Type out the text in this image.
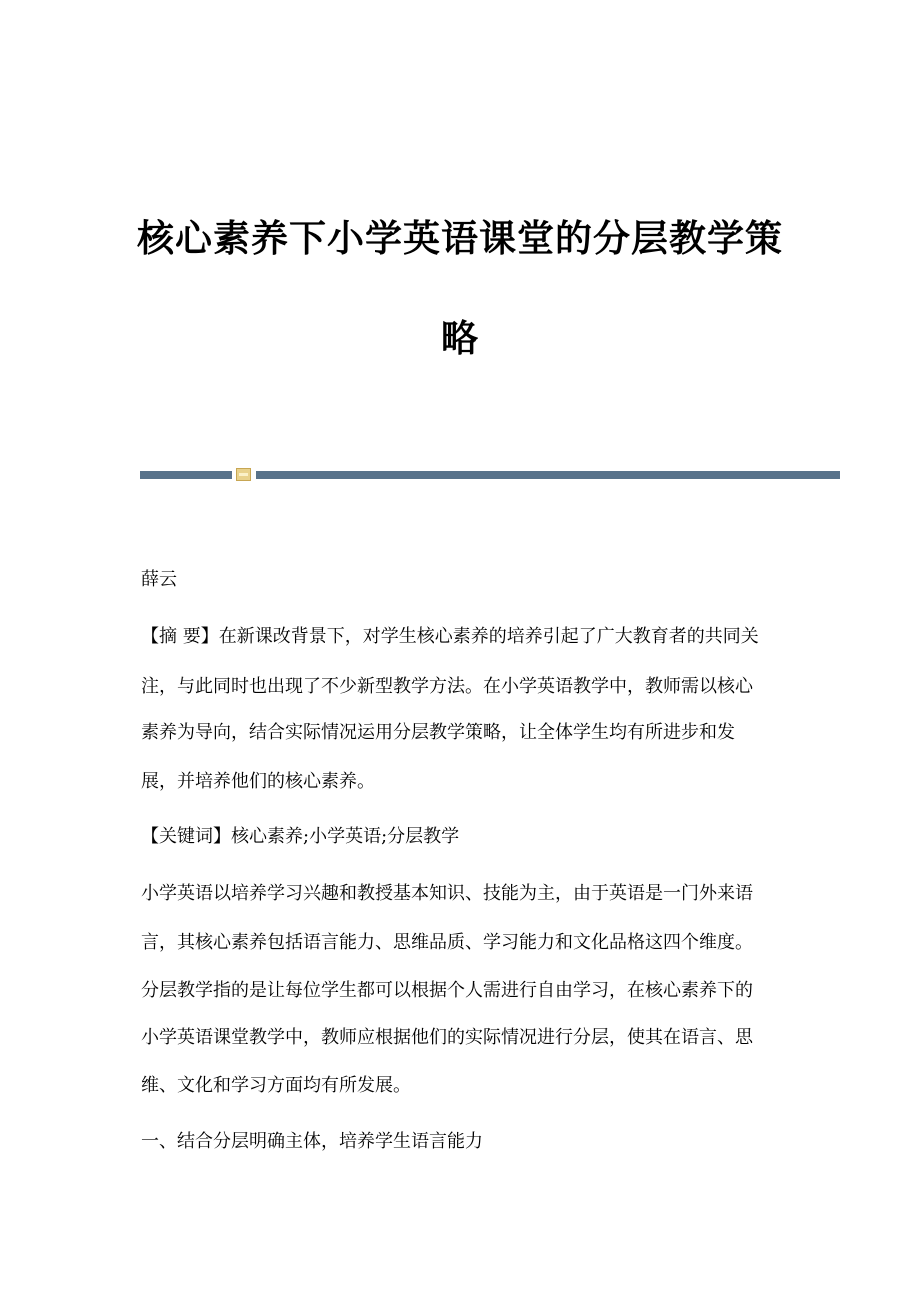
核心素养下小学英语课堂的分层教学策
略
薛云
【摘 要】在新课改背景下，对学生核心素养的培养引起了广大教育者的共同关
注，与此同时也出现了不少新型教学方法。在小学英语教学中，教师需以核心
素养为导向，结合实际情况运用分层教学策略，让全体学生均有所进步和发
展，并培养他们的核心素养。
【关键词】核心素养;小学英语;分层教学
小学英语以培养学习兴趣和教授基本知识、技能为主，由于英语是一门外来语
言，其核心素养包括语言能力、思维品质、学习能力和文化品格这四个维度。
分层教学指的是让每位学生都可以根据个人需进行自由学习，在核心素养下的
小学英语课堂教学中，教师应根据他们的实际情况进行分层，使其在语言、思
维、文化和学习方面均有所发展。
一、结合分层明确主体，培养学生语言能力
